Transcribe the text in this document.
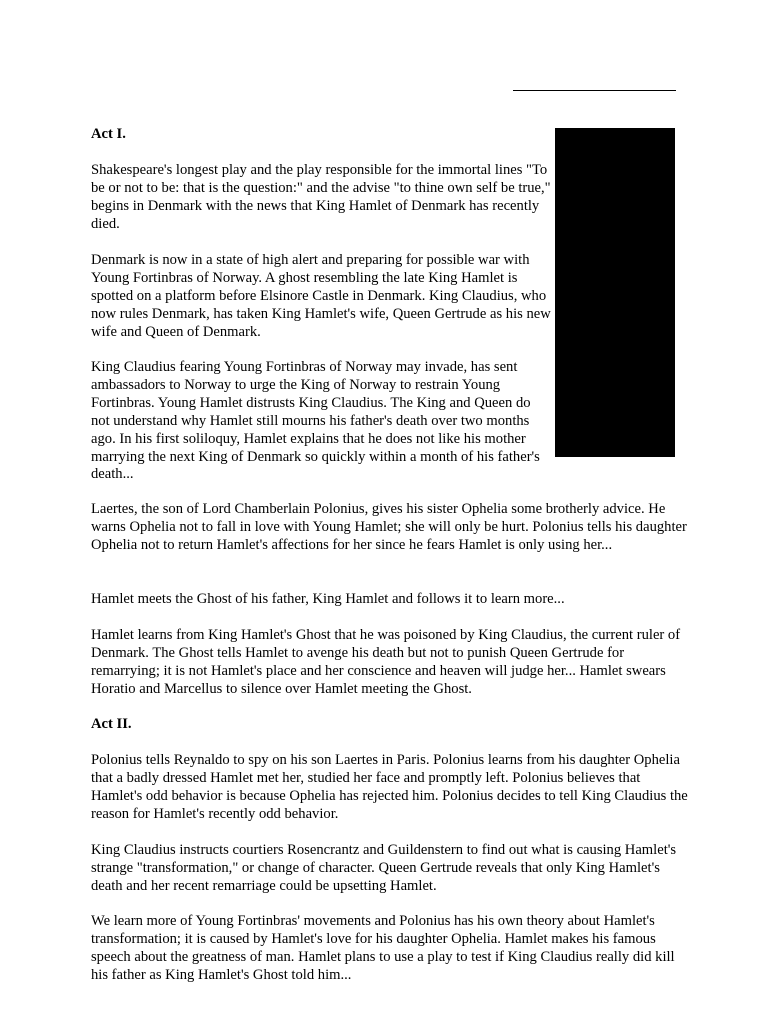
Act I.

Shakespeare's longest play and the play responsible for the immortal lines "To be or not to be: that is the question:" and the advise "to thine own self be true," begins in Denmark with the news that King Hamlet of Denmark has recently died.

Denmark is now in a state of high alert and preparing for possible war with Young Fortinbras of Norway. A ghost resembling the late King Hamlet is spotted on a platform before Elsinore Castle in Denmark. King Claudius, who now rules Denmark, has taken King Hamlet's wife, Queen Gertrude as his new wife and Queen of Denmark.

King Claudius fearing Young Fortinbras of Norway may invade, has sent ambassadors to Norway to urge the King of Norway to restrain Young Fortinbras. Young Hamlet distrusts King Claudius. The King and Queen do not understand why Hamlet still mourns his father's death over two months ago. In his first soliloquy, Hamlet explains that he does not like his mother marrying the next King of Denmark so quickly within a month of his father's death...

Laertes, the son of Lord Chamberlain Polonius, gives his sister Ophelia some brotherly advice. He warns Ophelia not to fall in love with Young Hamlet; she will only be hurt. Polonius tells his daughter Ophelia not to return Hamlet's affections for her since he fears Hamlet is only using her...

Hamlet meets the Ghost of his father, King Hamlet and follows it to learn more...

Hamlet learns from King Hamlet's Ghost that he was poisoned by King Claudius, the current ruler of Denmark. The Ghost tells Hamlet to avenge his death but not to punish Queen Gertrude for remarrying; it is not Hamlet's place and her conscience and heaven will judge her... Hamlet swears Horatio and Marcellus to silence over Hamlet meeting the Ghost.

Act II.

Polonius tells Reynaldo to spy on his son Laertes in Paris. Polonius learns from his daughter Ophelia that a badly dressed Hamlet met her, studied her face and promptly left. Polonius believes that Hamlet's odd behavior is because Ophelia has rejected him. Polonius decides to tell King Claudius the reason for Hamlet's recently odd behavior.

King Claudius instructs courtiers Rosencrantz and Guildenstern to find out what is causing Hamlet's strange "transformation," or change of character. Queen Gertrude reveals that only King Hamlet's death and her recent remarriage could be upsetting Hamlet.

We learn more of Young Fortinbras' movements and Polonius has his own theory about Hamlet's transformation; it is caused by Hamlet's love for his daughter Ophelia. Hamlet makes his famous speech about the greatness of man. Hamlet plans to use a play to test if King Claudius really did kill his father as King Hamlet's Ghost told him...
